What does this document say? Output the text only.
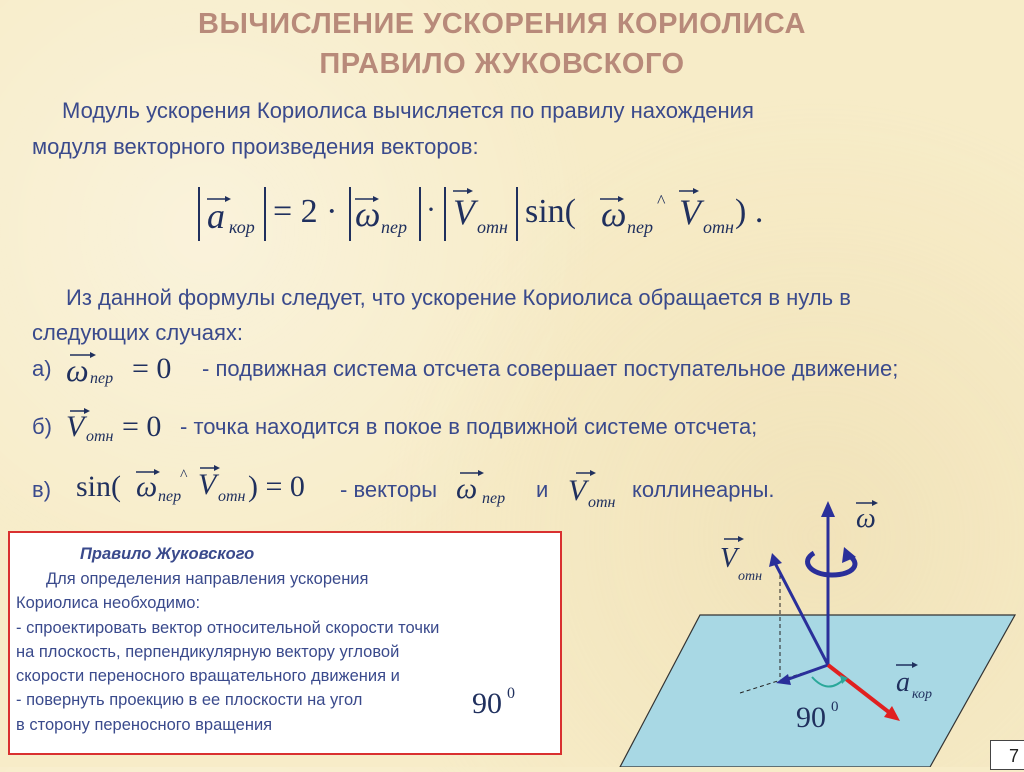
ВЫЧИСЛЕНИЕ УСКОРЕНИЯ КОРИОЛИСА
ПРАВИЛО ЖУКОВСКОГО
Модуль ускорения Кориолиса вычисляется по правилу нахождения
модуля векторного произведения векторов:
^
a кор = 2 · ω пер
· V отн sin( ω пер V отн ) .
Из данной формулы следует, что ускорение Кориолиса обращается в нуль в
следующих случаях:
а) ω пер = 0 - подвижная система отсчета совершает поступательное движение;
б) V отн = 0 - точка находится в покое в подвижной системе отсчета;
в)
^
sin( ω пер V отн ) = 0 - векторы ω пер и V отн
коллинеарны.
Правило Жуковского
Для определения направления ускорения
Кориолиса необходимо:
- спроектировать вектор относительной скорости точки
на плоскость, перпендикулярную вектору угловой
скорости переносного вращательного движения и
- повернуть проекцию в ее плоскости на угол
в сторону переносного вращения
90 0
ω
V
отн
a кор
90 0
7
